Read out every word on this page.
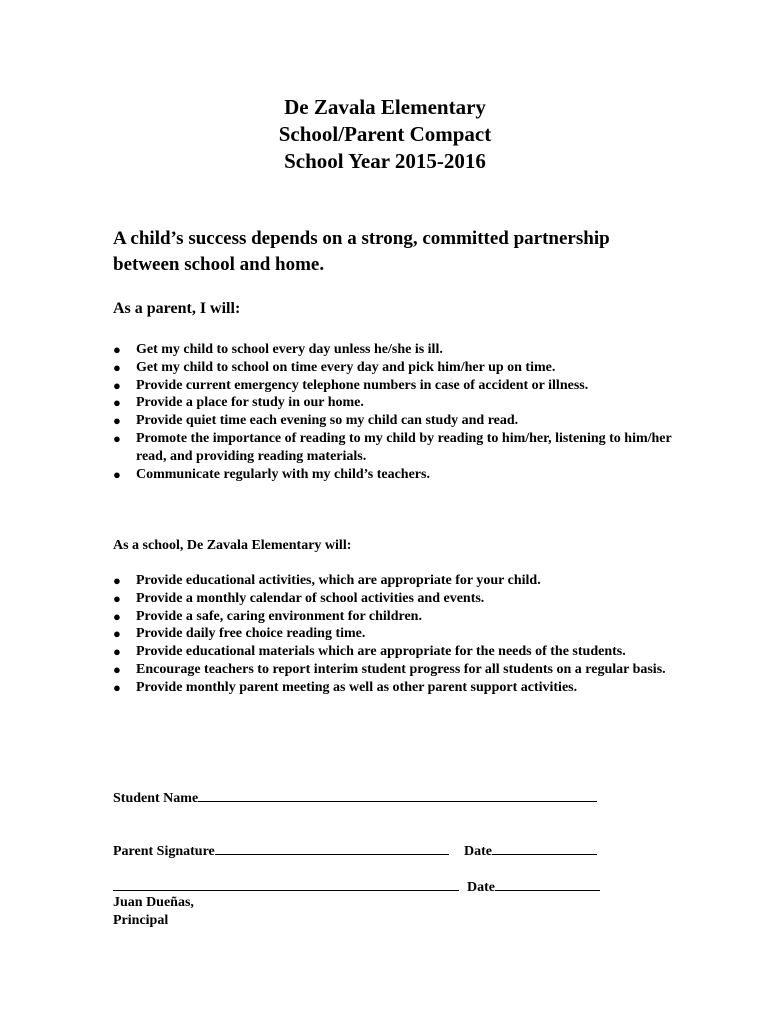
De Zavala Elementary
School/Parent Compact
School Year 2015-2016
A child’s success depends on a strong, committed partnership between school and home.
As a parent, I will:
● Get my child to school every day unless he/she is ill.
● Get my child to school on time every day and pick him/her up on time.
● Provide current emergency telephone numbers in case of accident or illness.
● Provide a place for study in our home.
● Provide quiet time each evening so my child can study and read.
● Promote the importance of reading to my child by reading to him/her, listening to him/her read, and providing reading materials.
● Communicate regularly with my child’s teachers.
As a school, De Zavala Elementary will:
● Provide educational activities, which are appropriate for your child.
● Provide a monthly calendar of school activities and events.
● Provide a safe, caring environment for children.
● Provide daily free choice reading time.
● Provide educational materials which are appropriate for the needs of the students.
● Encourage teachers to report interim student progress for all students on a regular basis.
● Provide monthly parent meeting as well as other parent support activities.
Student Name
Parent Signature	Date
Date
Juan Dueñas,
Principal
